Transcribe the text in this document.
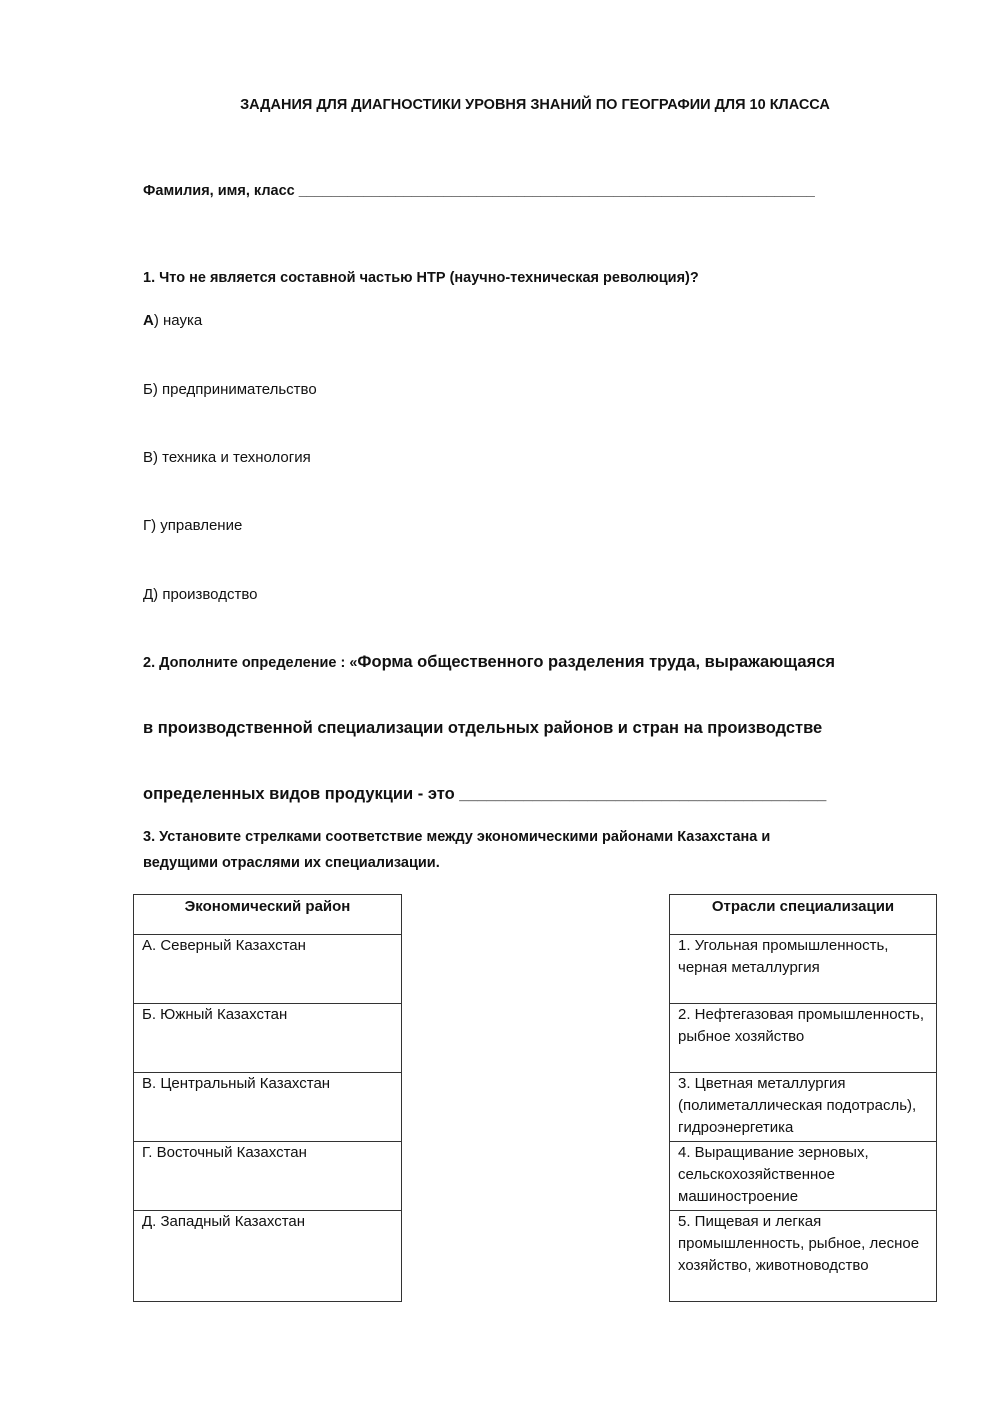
ЗАДАНИЯ ДЛЯ ДИАГНОСТИКИ УРОВНЯ ЗНАНИЙ ПО ГЕОГРАФИИ ДЛЯ 10 КЛАССА
Фамилия, имя, класс ________________________________________________________________
1. Что не является составной частью НТР (научно-техническая революция)?
А) наука
Б) предпринимательство
В) техника и технология
Г) управление
Д) производство
2. Дополните определение : «Форма общественного разделения труда, выражающаяся
в производственной специализации отдельных районов и стран на производстве
определенных видов продукции - это ________________________________________
3. Установите стрелками соответствие между экономическими районами Казахстана и
ведущими отраслями их специализации.
Экономический район
А. Северный Казахстан
Б. Южный Казахстан
В. Центральный Казахстан
Г. Восточный Казахстан
Д. Западный Казахстан
Отрасли специализации
1. Угольная промышленность, черная металлургия
2. Нефтегазовая промышленность, рыбное хозяйство
3. Цветная металлургия (полиметаллическая подотрасль), гидроэнергетика
4. Выращивание зерновых, сельскохозяйственное машиностроение
5. Пищевая и легкая промышленность, рыбное, лесное хозяйство, животноводство
